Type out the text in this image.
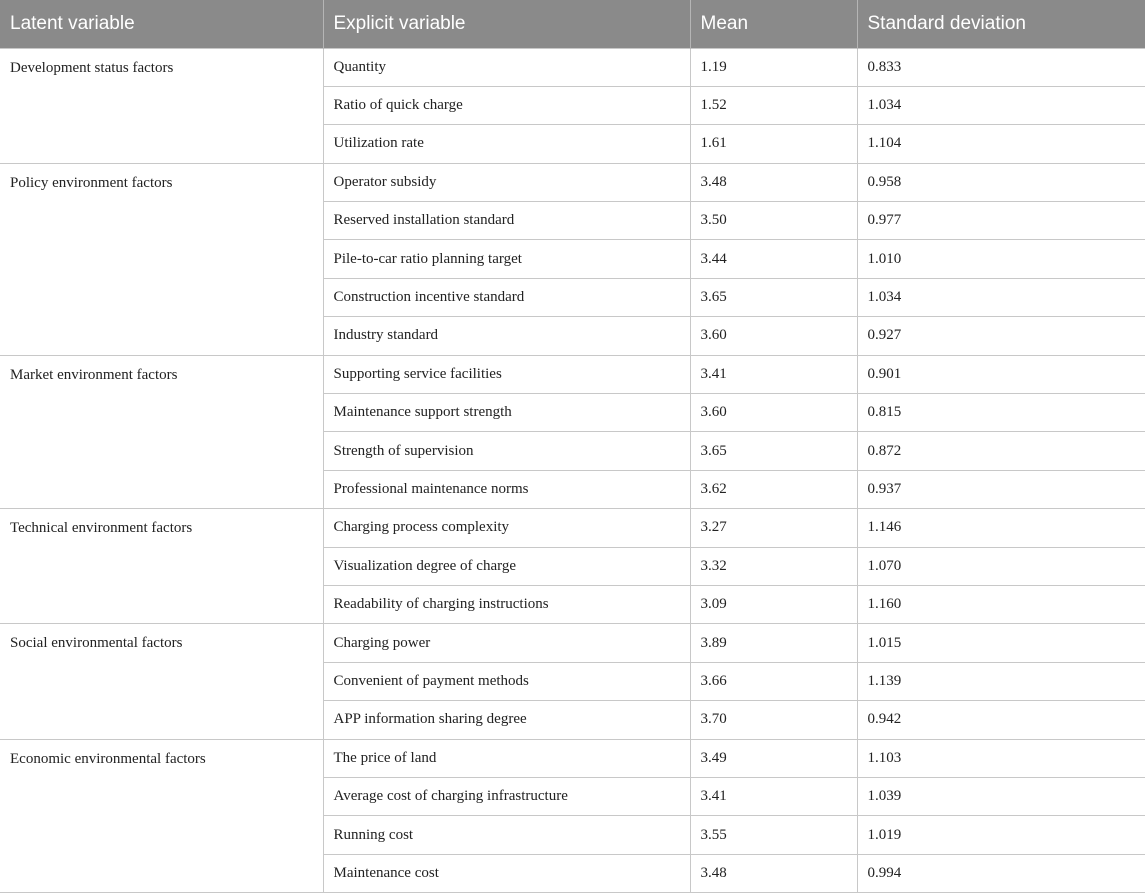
Latent variable	Explicit variable	Mean	Standard deviation
Development status factors	Quantity	1.19	0.833
	Ratio of quick charge	1.52	1.034
	Utilization rate	1.61	1.104
Policy environment factors	Operator subsidy	3.48	0.958
	Reserved installation standard	3.50	0.977
	Pile-to-car ratio planning target	3.44	1.010
	Construction incentive standard	3.65	1.034
	Industry standard	3.60	0.927
Market environment factors	Supporting service facilities	3.41	0.901
	Maintenance support strength	3.60	0.815
	Strength of supervision	3.65	0.872
	Professional maintenance norms	3.62	0.937
Technical environment factors	Charging process complexity	3.27	1.146
	Visualization degree of charge	3.32	1.070
	Readability of charging instructions	3.09	1.160
Social environmental factors	Charging power	3.89	1.015
	Convenient of payment methods	3.66	1.139
	APP information sharing degree	3.70	0.942
Economic environmental factors	The price of land	3.49	1.103
	Average cost of charging infrastructure	3.41	1.039
	Running cost	3.55	1.019
	Maintenance cost	3.48	0.994
